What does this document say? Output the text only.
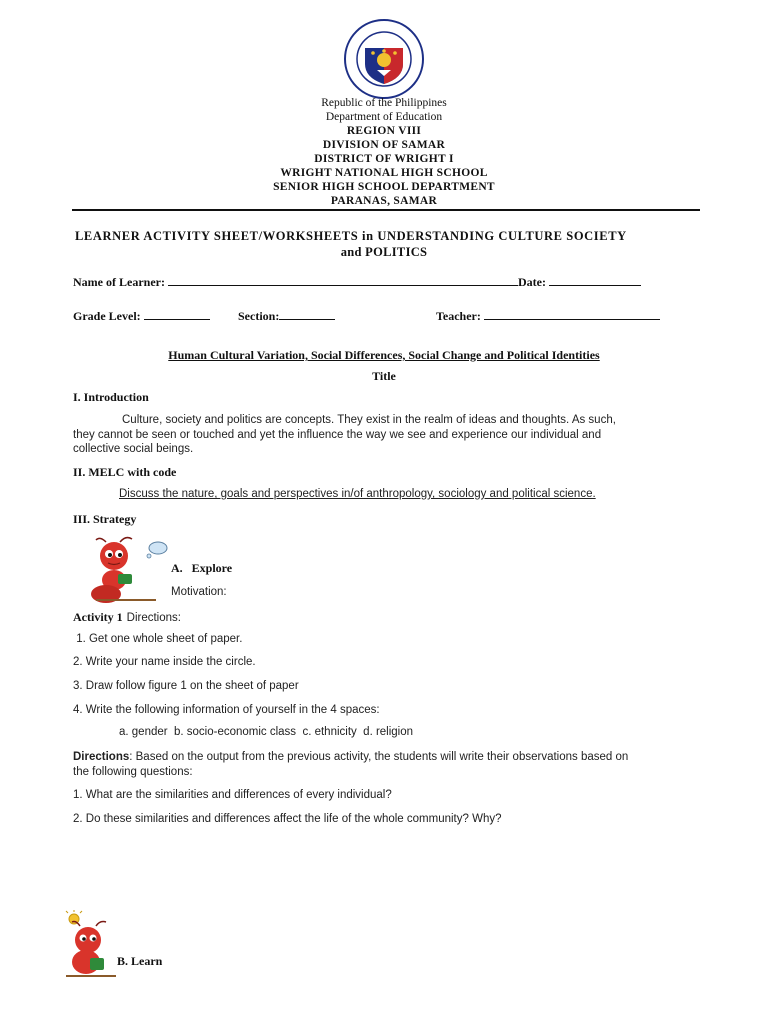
Republic of the Philippines
Department of Education
REGION VIII
DIVISION OF SAMAR
DISTRICT OF WRIGHT I
WRIGHT NATIONAL HIGH SCHOOL
SENIOR HIGH SCHOOL DEPARTMENT
PARANAS, SAMAR
LEARNER ACTIVITY SHEET/WORKSHEETS in UNDERSTANDING CULTURE SOCIETY
and POLITICS
Name of Learner:	Date:
Grade Level:	Section:	Teacher:
Human Cultural Variation, Social Differences, Social Change and Political Identities
Title
I. Introduction
Culture, society and politics are concepts. They exist in the realm of ideas and thoughts. As such,
they cannot be seen or touched and yet the influence the way we see and experience our individual and
collective social beings.
II. MELC with code
Discuss the nature, goals and perspectives in/of anthropology, sociology and political science.
III. Strategy
A. Explore
Motivation:
Activity 1 Directions:
1. Get one whole sheet of paper.
2. Write your name inside the circle.
3. Draw follow figure 1 on the sheet of paper
4. Write the following information of yourself in the 4 spaces:
a. gender  b. socio-economic class  c. ethnicity  d. religion
Directions: Based on the output from the previous activity, the students will write their observations based on
the following questions:
1. What are the similarities and differences of every individual?
2. Do these similarities and differences affect the life of the whole community? Why?
B. Learn
